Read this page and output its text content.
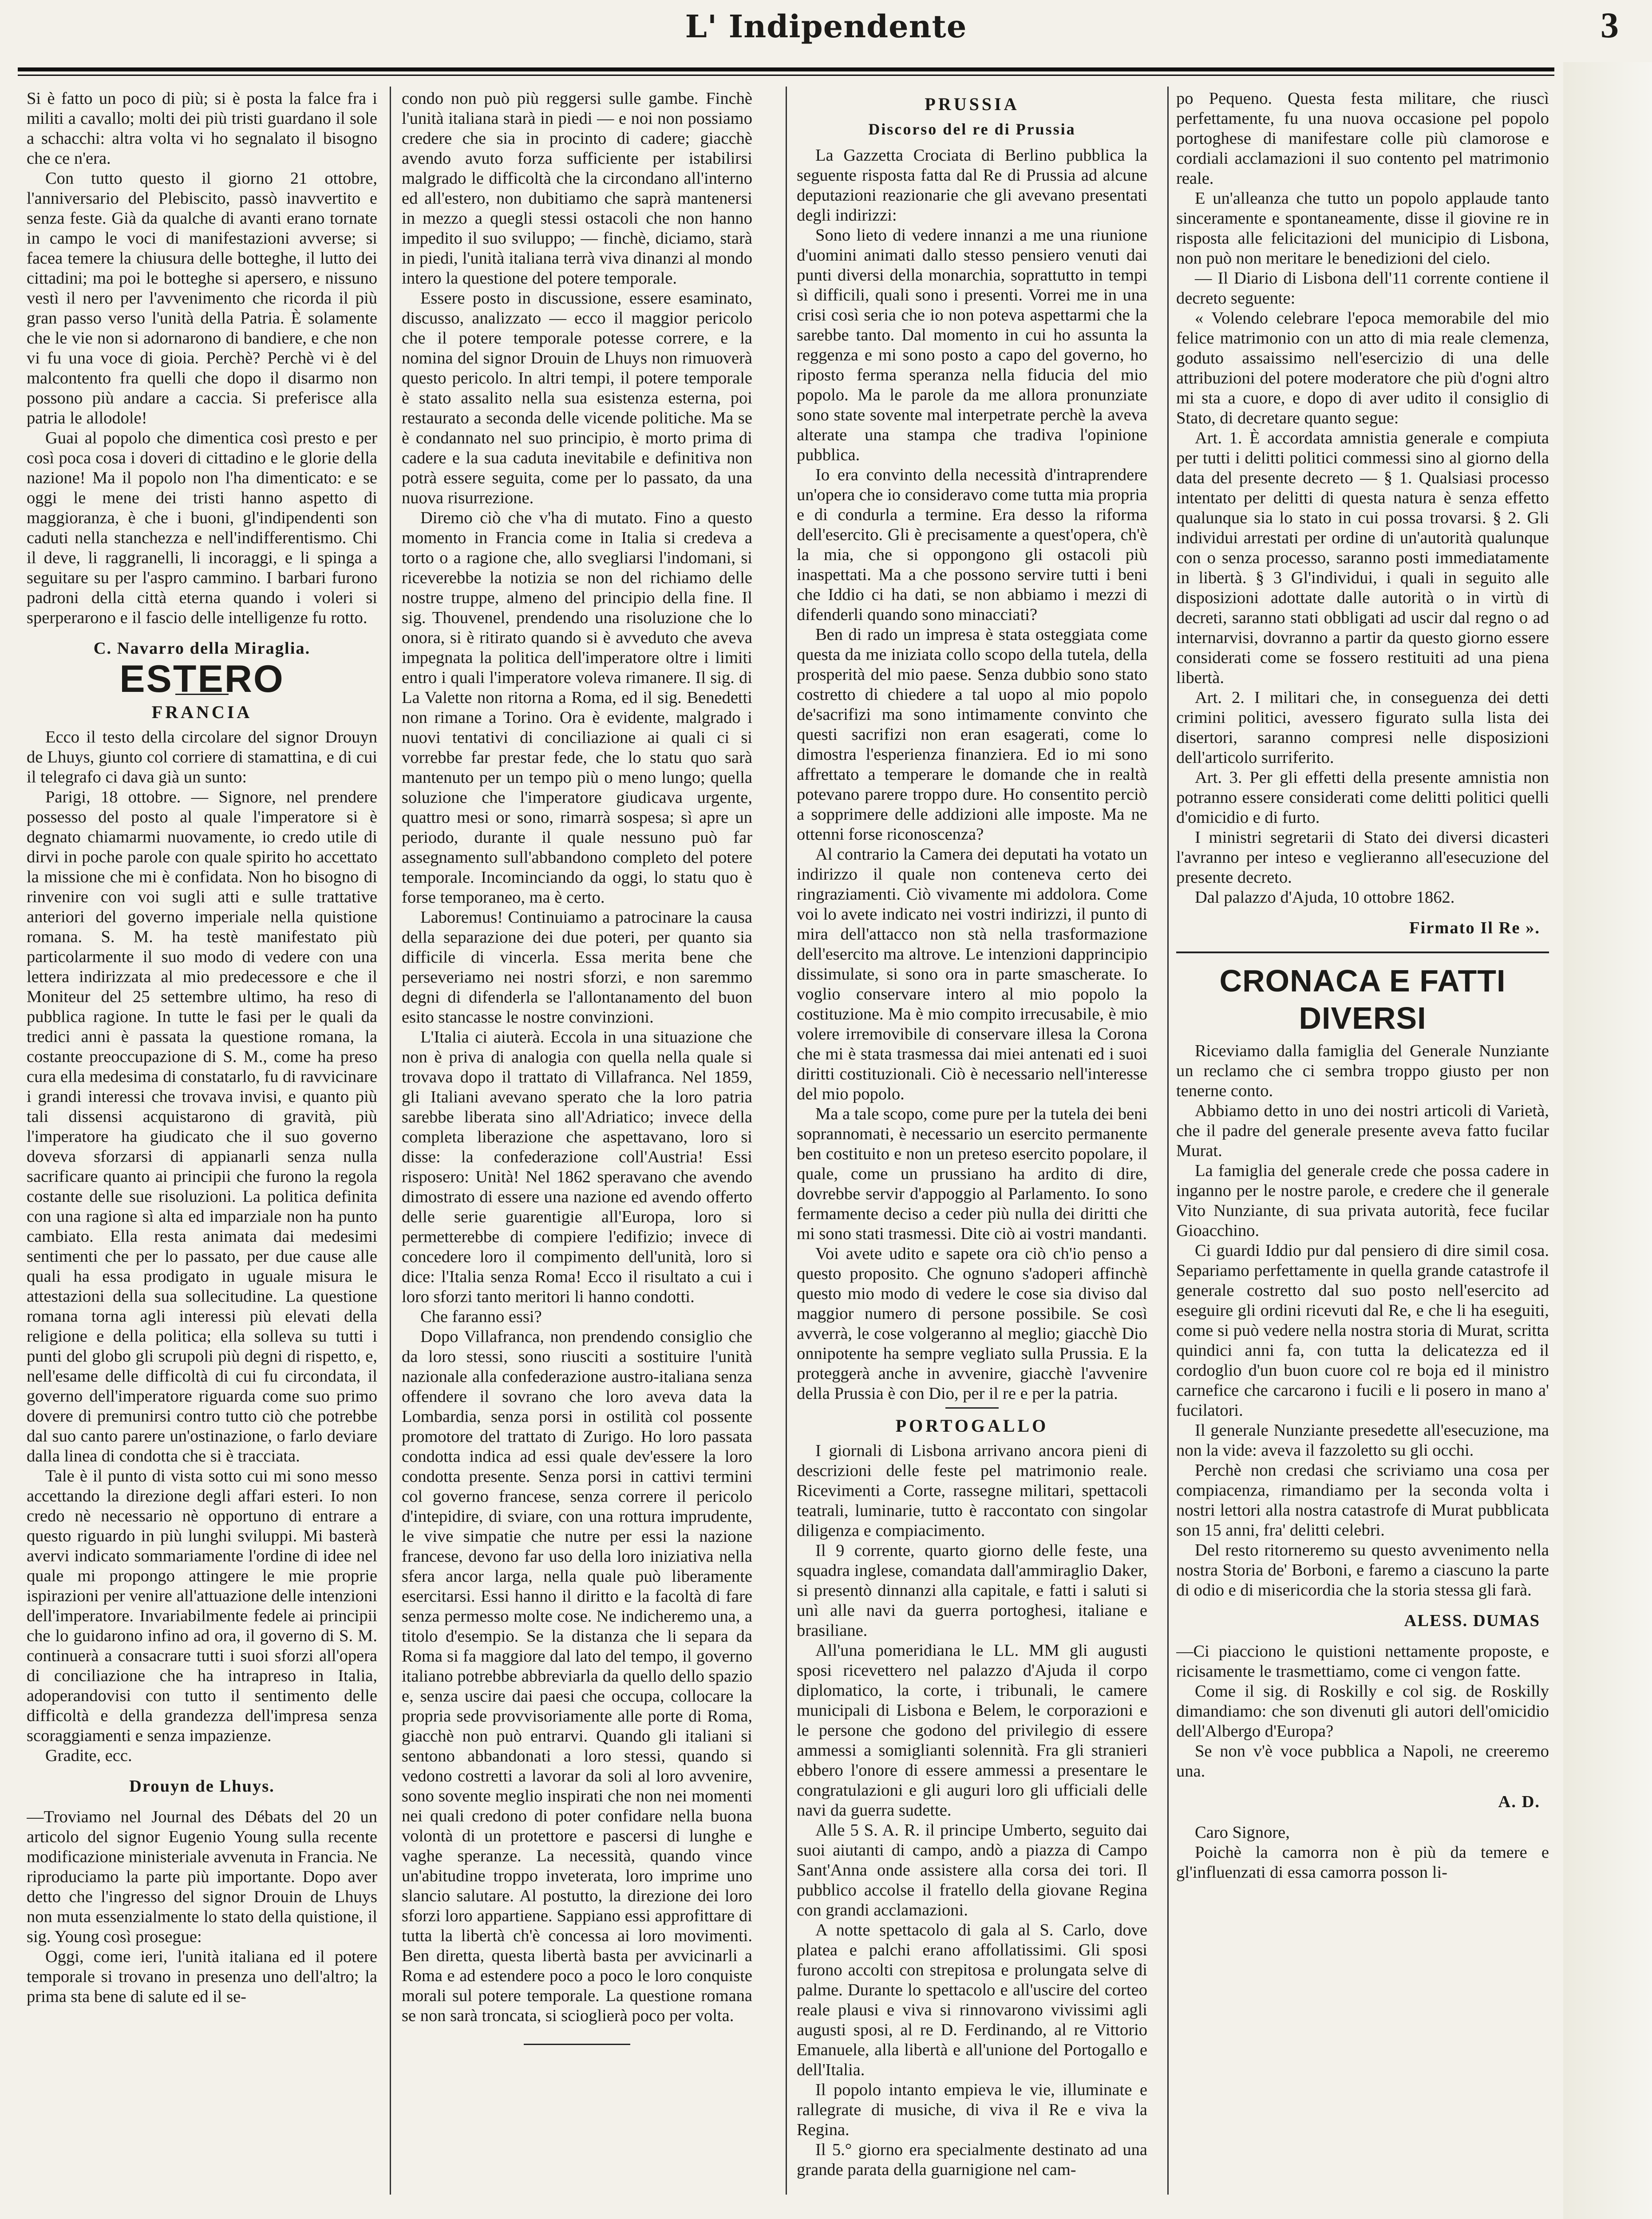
L' Indipendente	3

Si è fatto un poco di più; si è posta la falce fra i militi a cavallo; molti dei più tristi guardano il sole a schacchi: altra volta vi ho segnalato il bisogno che ce n'era.

Con tutto questo il giorno 21 ottobre, l'anniversario del Plebiscito, passò inavvertito e senza feste. Già da qualche di avanti erano tornate in campo le voci di manifestazioni avverse; si facea temere la chiusura delle botteghe, il lutto dei cittadini; ma poi le botteghe si apersero, e nissuno vestì il nero per l'avvenimento che ricorda il più gran passo verso l'unità della Patria. È solamente che le vie non si adornarono di bandiere, e che non vi fu una voce di gioia. Perchè? Perchè vi è del malcontento fra quelli che dopo il disarmo non possono più andare a caccia. Si preferisce alla patria le allodole!

Guai al popolo che dimentica così presto e per così poca cosa i doveri di cittadino e le glorie della nazione! Ma il popolo non l'ha dimenticato: e se oggi le mene dei tristi hanno aspetto di maggioranza, è che i buoni, gl'indipendenti son caduti nella stanchezza e nell'indifferentismo. Chi il deve, li raggranelli, li incoraggi, e li spinga a seguitare su per l'aspro cammino. I barbari furono padroni della città eterna quando i voleri si sperperarono e il fascio delle intelligenze fu rotto.

C. Navarro della Miraglia.
ESTERO
FRANCIA

Ecco il testo della circolare del signor Drouyn de Lhuys, giunto col corriere di stamattina, e di cui il telegrafo ci dava già un sunto:

Parigi, 18 ottobre. — Signore, nel prendere possesso del posto al quale l'imperatore si è degnato chiamarmi nuovamente, io credo utile di dirvi in poche parole con quale spirito ho accettato la missione che mi è confidata. Non ho bisogno di rinvenire con voi sugli atti e sulle trattative anteriori del governo imperiale nella quistione romana. S. M. ha testè manifestato più particolarmente il suo modo di vedere con una lettera indirizzata al mio predecessore e che il Moniteur del 25 settembre ultimo, ha reso di pubblica ragione. In tutte le fasi per le quali da tredici anni è passata la questione romana, la costante preoccupazione di S. M., come ha preso cura ella medesima di constatarlo, fu di ravvicinare i grandi interessi che trovava invisi, e quanto più tali dissensi acquistarono di gravità, più l'imperatore ha giudicato che il suo governo doveva sforzarsi di appianarli senza nulla sacrificare quanto ai principii che furono la regola costante delle sue risoluzioni. La politica definita con una ragione sì alta ed imparziale non ha punto cambiato. Ella resta animata dai medesimi sentimenti che per lo passato, per due cause alle quali ha essa prodigato in uguale misura le attestazioni della sua sollecitudine. La questione romana torna agli interessi più elevati della religione e della politica; ella solleva su tutti i punti del globo gli scrupoli più degni di rispetto, e, nell'esame delle difficoltà di cui fu circondata, il governo dell'imperatore riguarda come suo primo dovere di premunirsi contro tutto ciò che potrebbe dal suo canto parere un'ostinazione, o farlo deviare dalla linea di condotta che si è tracciata.

Tale è il punto di vista sotto cui mi sono messo accettando la direzione degli affari esteri. Io non credo nè necessario nè opportuno di entrare a questo riguardo in più lunghi sviluppi. Mi basterà avervi indicato sommariamente l'ordine di idee nel quale mi propongo attingere le mie proprie ispirazioni per venire all'attuazione delle intenzioni dell'imperatore. Invariabilmente fedele ai principii che lo guidarono infino ad ora, il governo di S. M. continuerà a consacrare tutti i suoi sforzi all'opera di conciliazione che ha intrapreso in Italia, adoperandovisi con tutto il sentimento delle difficoltà e della grandezza dell'impresa senza scoraggiamenti e senza impazienze.

Gradite, ecc.

Drouyn de Lhuys.

—Troviamo nel Journal des Débats del 20 un articolo del signor Eugenio Young sulla recente modificazione ministeriale avvenuta in Francia. Ne riproduciamo la parte più importante. Dopo aver detto che l'ingresso del signor Drouin de Lhuys non muta essenzialmente lo stato della quistione, il sig. Young così prosegue:

Oggi, come ieri, l'unità italiana ed il potere temporale si trovano in presenza uno dell'altro; la prima sta bene di salute ed il se-

condo non può più reggersi sulle gambe. Finchè l'unità italiana starà in piedi — e noi non possiamo credere che sia in procinto di cadere; giacchè avendo avuto forza sufficiente per istabilirsi malgrado le difficoltà che la circondano all'interno ed all'estero, non dubitiamo che saprà mantenersi in mezzo a quegli stessi ostacoli che non hanno impedito il suo sviluppo; — finchè, diciamo, starà in piedi, l'unità italiana terrà viva dinanzi al mondo intero la questione del potere temporale.

Essere posto in discussione, essere esaminato, discusso, analizzato — ecco il maggior pericolo che il potere temporale potesse correre, e la nomina del signor Drouin de Lhuys non rimuoverà questo pericolo. In altri tempi, il potere temporale è stato assalito nella sua esistenza esterna, poi restaurato a seconda delle vicende politiche. Ma se è condannato nel suo principio, è morto prima di cadere e la sua caduta inevitabile e definitiva non potrà essere seguita, come per lo passato, da una nuova risurrezione.

Diremo ciò che v'ha di mutato. Fino a questo momento in Francia come in Italia si credeva a torto o a ragione che, allo svegliarsi l'indomani, si riceverebbe la notizia se non del richiamo delle nostre truppe, almeno del principio della fine. Il sig. Thouvenel, prendendo una risoluzione che lo onora, si è ritirato quando si è avveduto che aveva impegnata la politica dell'imperatore oltre i limiti entro i quali l'imperatore voleva rimanere. Il sig. di La Valette non ritorna a Roma, ed il sig. Benedetti non rimane a Torino. Ora è evidente, malgrado i nuovi tentativi di conciliazione ai quali ci si vorrebbe far prestar fede, che lo statu quo sarà mantenuto per un tempo più o meno lungo; quella soluzione che l'imperatore giudicava urgente, quattro mesi or sono, rimarrà sospesa; sì apre un periodo, durante il quale nessuno può far assegnamento sull'abbandono completo del potere temporale. Incominciando da oggi, lo statu quo è forse temporaneo, ma è certo.

Laboremus! Continuiamo a patrocinare la causa della separazione dei due poteri, per quanto sia difficile di vincerla. Essa merita bene che perseveriamo nei nostri sforzi, e non saremmo degni di difenderla se l'allontanamento del buon esito stancasse le nostre convinzioni.

L'Italia ci aiuterà. Eccola in una situazione che non è priva di analogia con quella nella quale si trovava dopo il trattato di Villafranca. Nel 1859, gli Italiani avevano sperato che la loro patria sarebbe liberata sino all'Adriatico; invece della completa liberazione che aspettavano, loro si disse: la confederazione coll'Austria! Essi risposero: Unità! Nel 1862 speravano che avendo dimostrato di essere una nazione ed avendo offerto delle serie guarentigie all'Europa, loro si permetterebbe di compiere l'edifizio; invece di concedere loro il compimento dell'unità, loro si dice: l'Italia senza Roma! Ecco il risultato a cui i loro sforzi tanto meritori li hanno condotti.

Che faranno essi?

Dopo Villafranca, non prendendo consiglio che da loro stessi, sono riusciti a sostituire l'unità nazionale alla confederazione austro-italiana senza offendere il sovrano che loro aveva data la Lombardia, senza porsi in ostilità col possente promotore del trattato di Zurigo. Ho loro passata condotta indica ad essi quale dev'essere la loro condotta presente. Senza porsi in cattivi termini col governo francese, senza correre il pericolo d'intepidire, di sviare, con una rottura imprudente, le vive simpatie che nutre per essi la nazione francese, devono far uso della loro iniziativa nella sfera ancor larga, nella quale può liberamente esercitarsi. Essi hanno il diritto e la facoltà di fare senza permesso molte cose. Ne indicheremo una, a titolo d'esempio. Se la distanza che li separa da Roma si fa maggiore dal lato del tempo, il governo italiano potrebbe abbreviarla da quello dello spazio e, senza uscire dai paesi che occupa, collocare la propria sede provvisoriamente alle porte di Roma, giacchè non può entrarvi. Quando gli italiani si sentono abbandonati a loro stessi, quando si vedono costretti a lavorar da soli al loro avvenire, sono sovente meglio inspirati che non nei momenti nei quali credono di poter confidare nella buona volontà di un protettore e pascersi di lunghe e vaghe speranze. La necessità, quando vince un'abitudine troppo inveterata, loro imprime uno slancio salutare. Al postutto, la direzione dei loro sforzi loro appartiene. Sappiano essi approfittare di tutta la libertà ch'è concessa ai loro movimenti. Ben diretta, questa libertà basta per avvicinarli a Roma e ad estendere poco a poco le loro conquiste morali sul potere temporale. La questione romana se non sarà troncata, si scioglierà poco per volta.

PRUSSIA
Discorso del re di Prussia

La Gazzetta Crociata di Berlino pubblica la seguente risposta fatta dal Re di Prussia ad alcune deputazioni reazionarie che gli avevano presentati degli indirizzi:

Sono lieto di vedere innanzi a me una riunione d'uomini animati dallo stesso pensiero venuti dai punti diversi della monarchia, soprattutto in tempi sì difficili, quali sono i presenti. Vorrei me in una crisi così seria che io non poteva aspettarmi che la sarebbe tanto. Dal momento in cui ho assunta la reggenza e mi sono posto a capo del governo, ho riposto ferma speranza nella fiducia del mio popolo. Ma le parole da me allora pronunziate sono state sovente mal interpetrate perchè la aveva alterate una stampa che tradiva l'opinione pubblica.

Io era convinto della necessità d'intraprendere un'opera che io consideravo come tutta mia propria e di condurla a termine. Era desso la riforma dell'esercito. Gli è precisamente a quest'opera, ch'è la mia, che si oppongono gli ostacoli più inaspettati. Ma a che possono servire tutti i beni che Iddio ci ha dati, se non abbiamo i mezzi di difenderli quando sono minacciati?

Ben di rado un impresa è stata osteggiata come questa da me iniziata collo scopo della tutela, della prosperità del mio paese. Senza dubbio sono stato costretto di chiedere a tal uopo al mio popolo de'sacrifizi ma sono intimamente convinto che questi sacrifizi non eran esagerati, come lo dimostra l'esperienza finanziera. Ed io mi sono affrettato a temperare le domande che in realtà potevano parere troppo dure. Ho consentito perciò a sopprimere delle addizioni alle imposte. Ma ne ottenni forse riconoscenza?

Al contrario la Camera dei deputati ha votato un indirizzo il quale non conteneva certo dei ringraziamenti. Ciò vivamente mi addolora. Come voi lo avete indicato nei vostri indirizzi, il punto di mira dell'attacco non stà nella trasformazione dell'esercito ma altrove. Le intenzioni dapprincipio dissimulate, si sono ora in parte smascherate. Io voglio conservare intero al mio popolo la costituzione. Ma è mio compito irrecusabile, è mio volere irremovibile di conservare illesa la Corona che mi è stata trasmessa dai miei antenati ed i suoi diritti costituzionali. Ciò è necessario nell'interesse del mio popolo.

Ma a tale scopo, come pure per la tutela dei beni soprannomati, è necessario un esercito permanente ben costituito e non un preteso esercito popolare, il quale, come un prussiano ha ardito di dire, dovrebbe servir d'appoggio al Parlamento. Io sono fermamente deciso a ceder più nulla dei diritti che mi sono stati trasmessi. Dite ciò ai vostri mandanti.

Voi avete udito e sapete ora ciò ch'io penso a questo proposito. Che ognuno s'adoperi affinchè questo mio modo di vedere le cose sia diviso dal maggior numero di persone possibile. Se così avverrà, le cose volgeranno al meglio; giacchè Dio onnipotente ha sempre vegliato sulla Prussia. E la proteggerà anche in avvenire, giacchè l'avvenire della Prussia è con Dio, per il re e per la patria.

PORTOGALLO

I giornali di Lisbona arrivano ancora pieni di descrizioni delle feste pel matrimonio reale. Ricevimenti a Corte, rassegne militari, spettacoli teatrali, luminarie, tutto è raccontato con singolar diligenza e compiacimento.

Il 9 corrente, quarto giorno delle feste, una squadra inglese, comandata dall'ammiraglio Daker, si presentò dinnanzi alla capitale, e fatti i saluti si unì alle navi da guerra portoghesi, italiane e brasiliane.

All'una pomeridiana le LL. MM gli augusti sposi ricevettero nel palazzo d'Ajuda il corpo diplomatico, la corte, i tribunali, le camere municipali di Lisbona e Belem, le corporazioni e le persone che godono del privilegio di essere ammessi a somiglianti solennità. Fra gli stranieri ebbero l'onore di essere ammessi a presentare le congratulazioni e gli auguri loro gli ufficiali delle navi da guerra sudette.

Alle 5 S. A. R. il principe Umberto, seguito dai suoi aiutanti di campo, andò a piazza di Campo Sant'Anna onde assistere alla corsa dei tori. Il pubblico accolse il fratello della giovane Regina con grandi acclamazioni.

A notte spettacolo di gala al S. Carlo, dove platea e palchi erano affollatissimi. Gli sposi furono accolti con strepitosa e prolungata selve di palme. Durante lo spettacolo e all'uscire del corteo reale plausi e viva si rinnovarono vivissimi agli augusti sposi, al re D. Ferdinando, al re Vittorio Emanuele, alla libertà e all'unione del Portogallo e dell'Italia.

Il popolo intanto empieva le vie, illuminate e rallegrate di musiche, di viva il Re e viva la Regina.

Il 5.° giorno era specialmente destinato ad una grande parata della guarnigione nel cam-

po Pequeno. Questa festa militare, che riuscì perfettamente, fu una nuova occasione pel popolo portoghese di manifestare colle più clamorose e cordiali acclamazioni il suo contento pel matrimonio reale.

E un'alleanza che tutto un popolo applaude tanto sinceramente e spontaneamente, disse il giovine re in risposta alle felicitazioni del municipio di Lisbona, non può non meritare le benedizioni del cielo.

— Il Diario di Lisbona dell'11 corrente contiene il decreto seguente:

« Volendo celebrare l'epoca memorabile del mio felice matrimonio con un atto di mia reale clemenza, goduto assaissimo nell'esercizio di una delle attribuzioni del potere moderatore che più d'ogni altro mi sta a cuore, e dopo di aver udito il consiglio di Stato, di decretare quanto segue:

Art. 1. È accordata amnistia generale e compiuta per tutti i delitti politici commessi sino al giorno della data del presente decreto — § 1. Qualsiasi processo intentato per delitti di questa natura è senza effetto qualunque sia lo stato in cui possa trovarsi. § 2. Gli individui arrestati per ordine di un'autorità qualunque con o senza processo, saranno posti immediatamente in libertà. § 3 Gl'individui, i quali in seguito alle disposizioni adottate dalle autorità o in virtù di decreti, saranno stati obbligati ad uscir dal regno o ad internarvisi, dovranno a partir da questo giorno essere considerati come se fossero restituiti ad una piena libertà.

Art. 2. I militari che, in conseguenza dei detti crimini politici, avessero figurato sulla lista dei disertori, saranno compresi nelle disposizioni dell'articolo surriferito.

Art. 3. Per gli effetti della presente amnistia non potranno essere considerati come delitti politici quelli d'omicidio e di furto.

I ministri segretarii di Stato dei diversi dicasteri l'avranno per inteso e veglieranno all'esecuzione del presente decreto.

Dal palazzo d'Ajuda, 10 ottobre 1862.

Firmato Il Re ».
CRONACA E FATTI DIVERSI

Riceviamo dalla famiglia del Generale Nunziante un reclamo che ci sembra troppo giusto per non tenerne conto.

Abbiamo detto in uno dei nostri articoli di Varietà, che il padre del generale presente aveva fatto fucilar Murat.

La famiglia del generale crede che possa cadere in inganno per le nostre parole, e credere che il generale Vito Nunziante, di sua privata autorità, fece fucilar Gioacchino.

Ci guardi Iddio pur dal pensiero di dire simil cosa. Separiamo perfettamente in quella grande catastrofe il generale costretto dal suo posto nell'esercito ad eseguire gli ordini ricevuti dal Re, e che li ha eseguiti, come si può vedere nella nostra storia di Murat, scritta quindici anni fa, con tutta la delicatezza ed il cordoglio d'un buon cuore col re boja ed il ministro carnefice che carcarono i fucili e li posero in mano a' fucilatori.

Il generale Nunziante presedette all'esecuzione, ma non la vide: aveva il fazzoletto su gli occhi.

Perchè non credasi che scriviamo una cosa per compiacenza, rimandiamo per la seconda volta i nostri lettori alla nostra catastrofe di Murat pubblicata son 15 anni, fra' delitti celebri.

Del resto ritorneremo su questo avvenimento nella nostra Storia de' Borboni, e faremo a ciascuno la parte di odio e di misericordia che la storia stessa gli farà.

ALESS. DUMAS

—Ci piacciono le quistioni nettamente proposte, e ricisamente le trasmettiamo, come ci vengon fatte.

Come il sig. di Roskilly e col sig. de Roskilly dimandiamo: che son divenuti gli autori dell'omicidio dell'Albergo d'Europa?

Se non v'è voce pubblica a Napoli, ne creeremo una.

A. D.

Caro Signore,

Poichè la camorra non è più da temere e gl'influenzati di essa camorra posson li-
